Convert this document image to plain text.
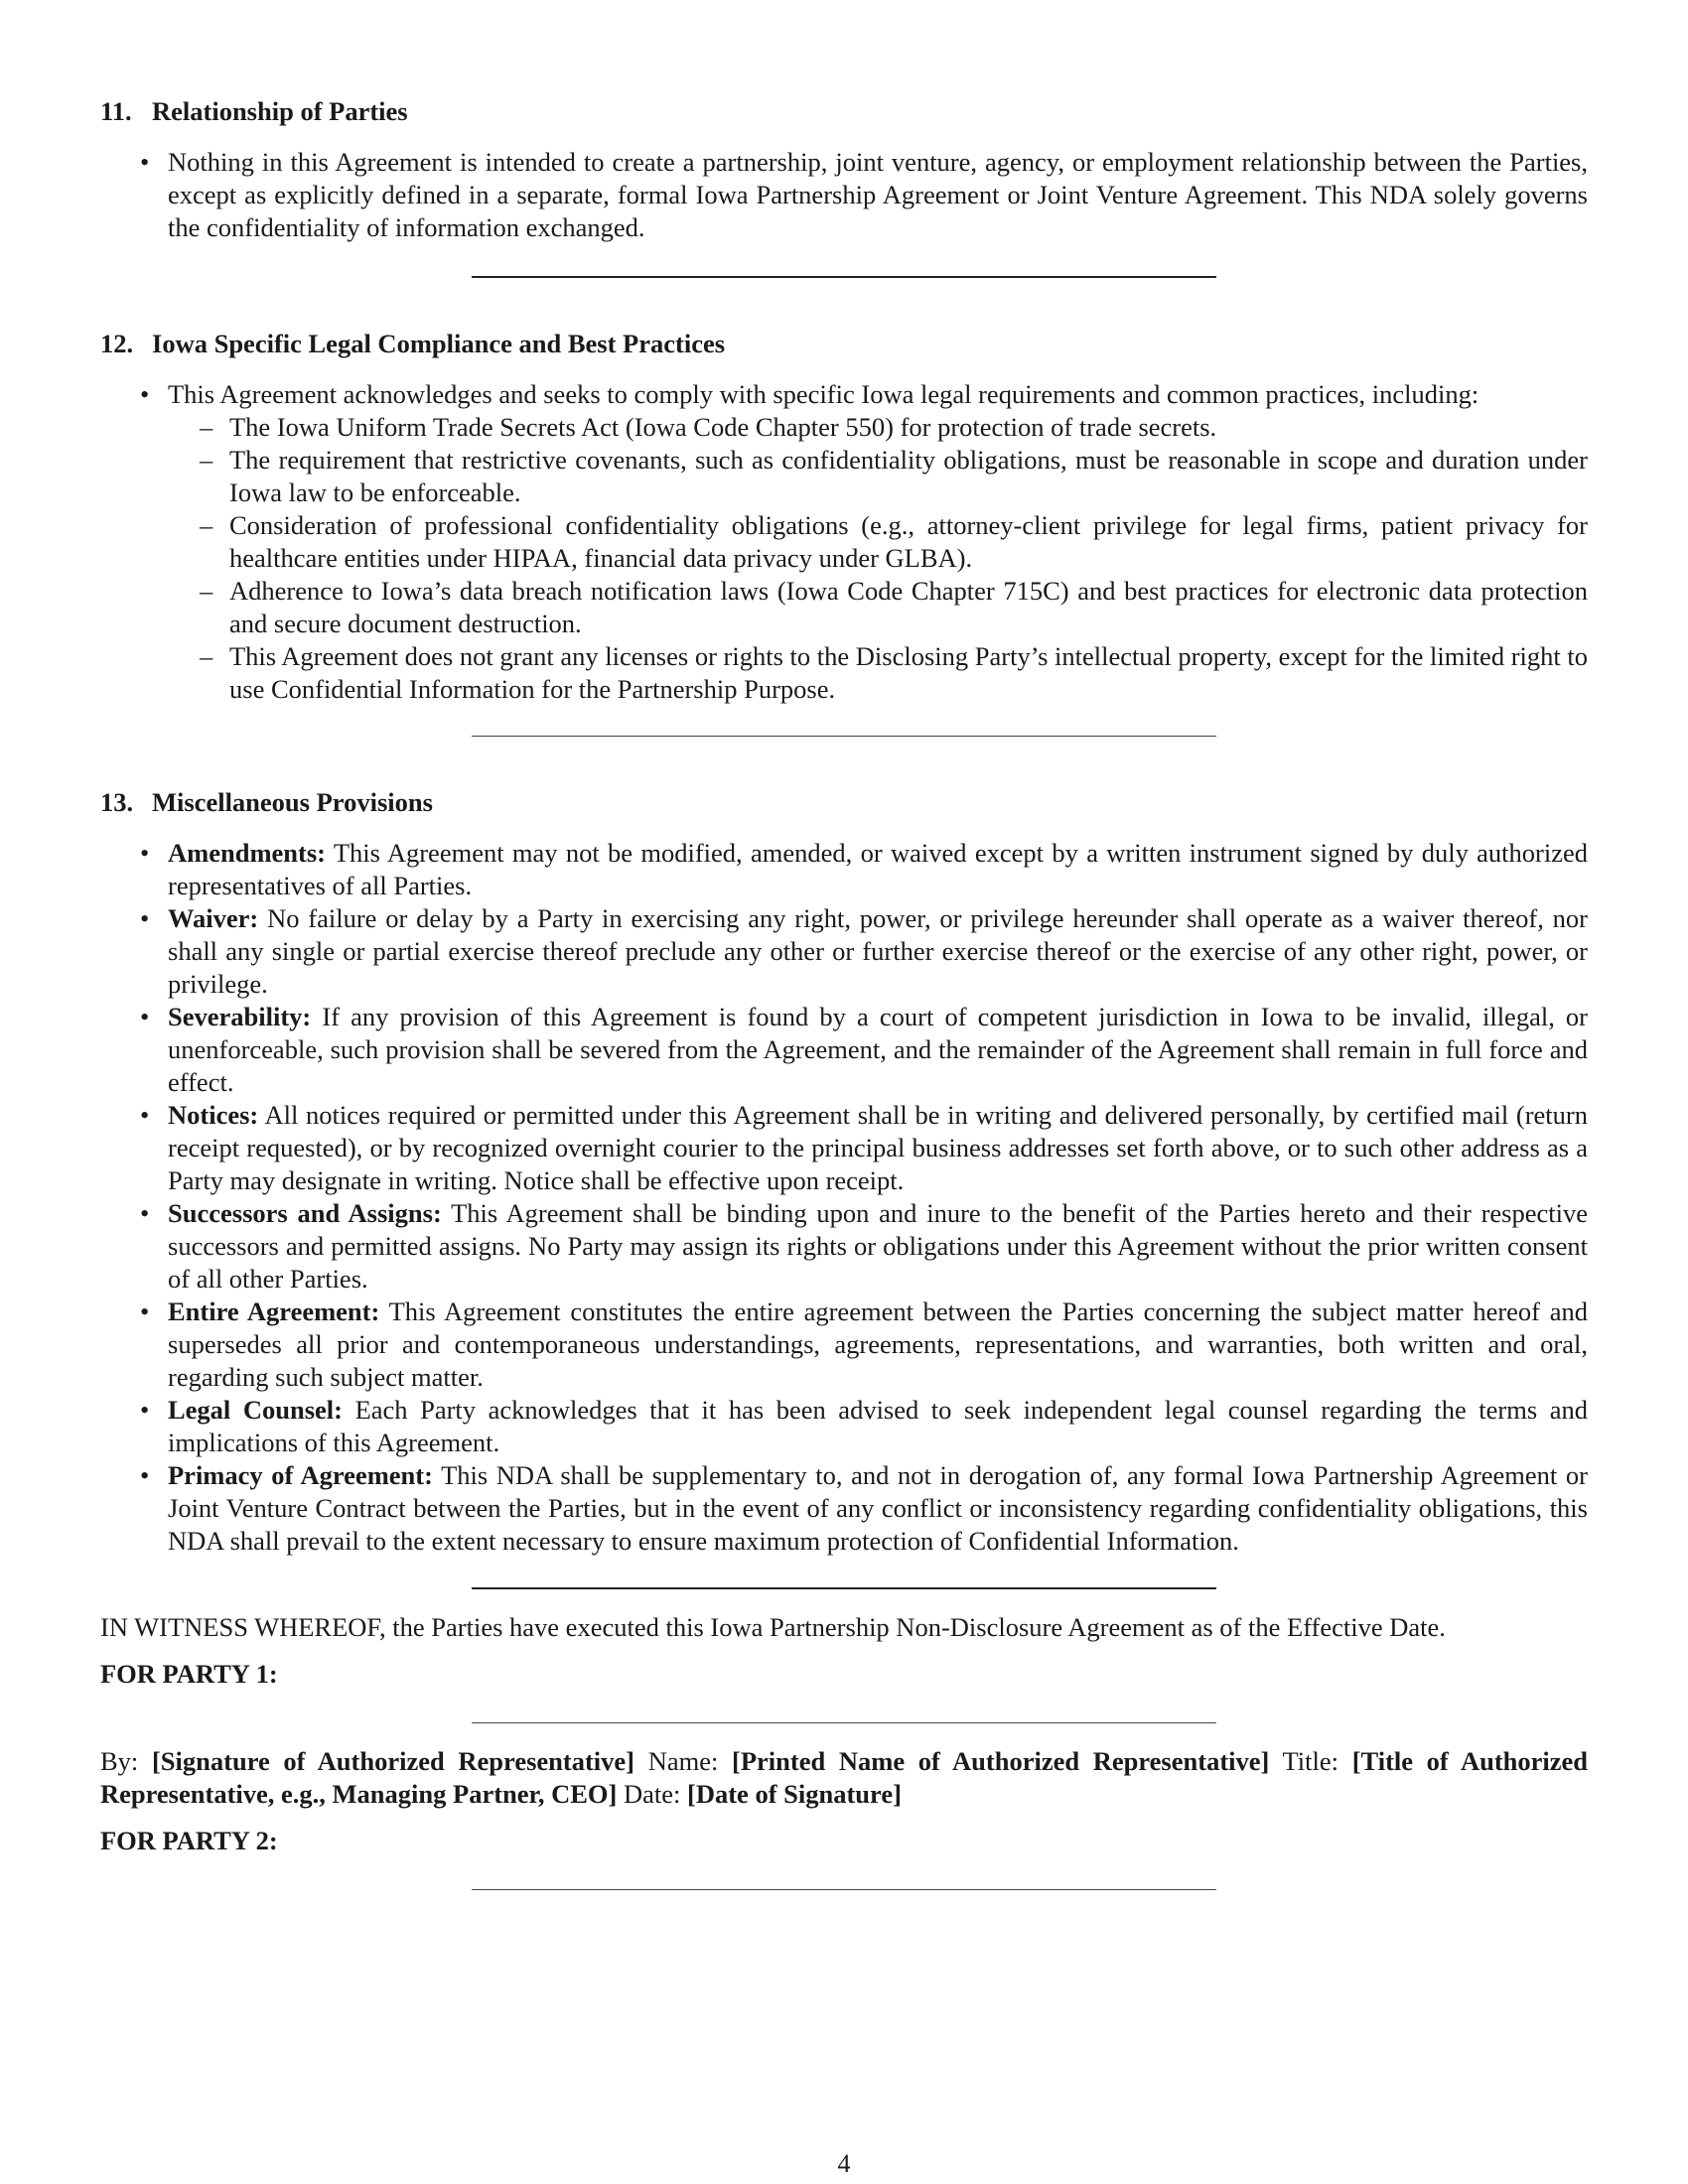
11. Relationship of Parties
• Nothing in this Agreement is intended to create a partnership, joint venture, agency, or employment relationship between the Parties, except as explicitly defined in a separate, formal Iowa Partnership Agreement or Joint Venture Agreement. This NDA solely governs the confidentiality of information exchanged.
12. Iowa Specific Legal Compliance and Best Practices
• This Agreement acknowledges and seeks to comply with specific Iowa legal requirements and common practices, including:
– The Iowa Uniform Trade Secrets Act (Iowa Code Chapter 550) for protection of trade secrets.
– The requirement that restrictive covenants, such as confidentiality obligations, must be reasonable in scope and duration under Iowa law to be enforceable.
– Consideration of professional confidentiality obligations (e.g., attorney-client privilege for legal firms, patient privacy for healthcare entities under HIPAA, financial data privacy under GLBA).
– Adherence to Iowa’s data breach notification laws (Iowa Code Chapter 715C) and best practices for electronic data protection and secure document destruction.
– This Agreement does not grant any licenses or rights to the Disclosing Party’s intellectual property, except for the limited right to use Confidential Information for the Partnership Purpose.
13. Miscellaneous Provisions
• Amendments: This Agreement may not be modified, amended, or waived except by a written instrument signed by duly authorized representatives of all Parties.
• Waiver: No failure or delay by a Party in exercising any right, power, or privilege hereunder shall operate as a waiver thereof, nor shall any single or partial exercise thereof preclude any other or further exercise thereof or the exercise of any other right, power, or privilege.
• Severability: If any provision of this Agreement is found by a court of competent jurisdiction in Iowa to be invalid, illegal, or unenforceable, such provision shall be severed from the Agreement, and the remainder of the Agreement shall remain in full force and effect.
• Notices: All notices required or permitted under this Agreement shall be in writing and delivered personally, by certified mail (return receipt requested), or by recognized overnight courier to the principal business addresses set forth above, or to such other address as a Party may designate in writing. Notice shall be effective upon receipt.
• Successors and Assigns: This Agreement shall be binding upon and inure to the benefit of the Parties hereto and their respective successors and permitted assigns. No Party may assign its rights or obligations under this Agreement without the prior written consent of all other Parties.
• Entire Agreement: This Agreement constitutes the entire agreement between the Parties concerning the subject matter hereof and supersedes all prior and contemporaneous understandings, agreements, representations, and warranties, both written and oral, regarding such subject matter.
• Legal Counsel: Each Party acknowledges that it has been advised to seek independent legal counsel regarding the terms and implications of this Agreement.
• Primacy of Agreement: This NDA shall be supplementary to, and not in derogation of, any formal Iowa Partnership Agreement or Joint Venture Contract between the Parties, but in the event of any conflict or inconsistency regarding confidentiality obligations, this NDA shall prevail to the extent necessary to ensure maximum protection of Confidential Information.

IN WITNESS WHEREOF, the Parties have executed this Iowa Partnership Non-Disclosure Agreement as of the Effective Date.

FOR PARTY 1:

By: [Signature of Authorized Representative] Name: [Printed Name of Authorized Representative] Title: [Title of Authorized Representative, e.g., Managing Partner, CEO] Date: [Date of Signature]

FOR PARTY 2:

4
